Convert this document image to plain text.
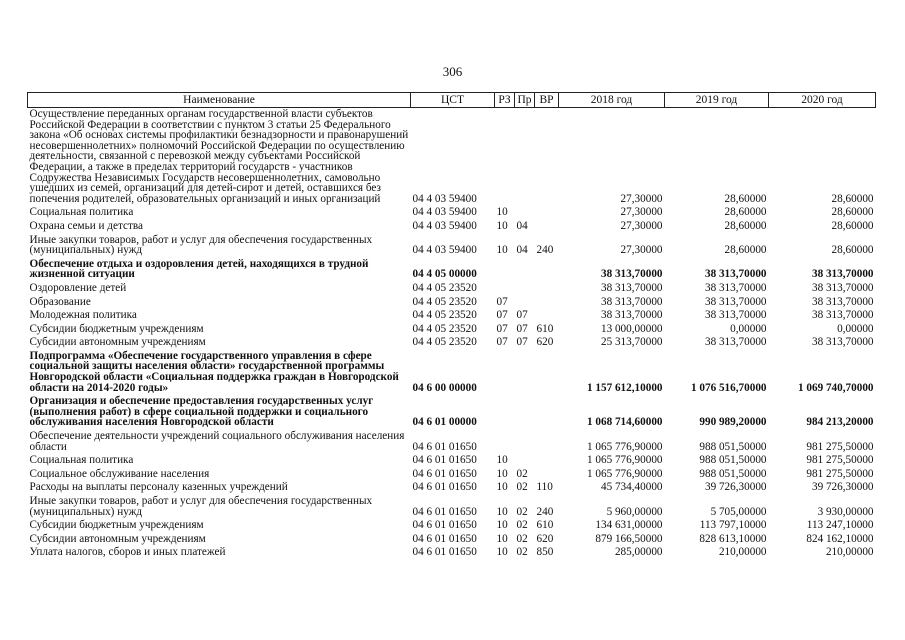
306
Наименование	ЦСТ	РЗ	Пр	ВР	2018 год	2019 год	2020 год
Осуществление переданных органам государственной власти субъектов Российской Федерации в соответствии с пунктом 3 статьи 25 Федерального закона «Об основах системы профилактики безнадзорности и правонарушений несовершеннолетних» полномочий Российской Федерации по осуществлению деятельности, связанной с перевозкой между субъектами Российской Федерации, а также в пределах территорий государств - участников Содружества Независимых Государств несовершеннолетних, самовольно ушедших из семей, организаций для детей-сирот и детей, оставшихся без попечения родителей, образовательных организаций и иных организаций	04 4 03 59400				27,30000	28,60000	28,60000
Социальная политика	04 4 03 59400	10			27,30000	28,60000	28,60000
Охрана семьи и детства	04 4 03 59400	10	04		27,30000	28,60000	28,60000
Иные закупки товаров, работ и услуг для обеспечения государственных (муниципальных) нужд	04 4 03 59400	10	04	240	27,30000	28,60000	28,60000
Обеспечение отдыха и оздоровления детей, находящихся в трудной жизненной ситуации	04 4 05 00000				38 313,70000	38 313,70000	38 313,70000
Оздоровление детей	04 4 05 23520				38 313,70000	38 313,70000	38 313,70000
Образование	04 4 05 23520	07			38 313,70000	38 313,70000	38 313,70000
Молодежная политика	04 4 05 23520	07	07		38 313,70000	38 313,70000	38 313,70000
Субсидии бюджетным учреждениям	04 4 05 23520	07	07	610	13 000,00000	0,00000	0,00000
Субсидии автономным учреждениям	04 4 05 23520	07	07	620	25 313,70000	38 313,70000	38 313,70000
Подпрограмма «Обеспечение государственного управления в сфере социальной защиты населения области» государственной программы Новгородской области «Социальная поддержка граждан в Новгородской области на 2014-2020 годы»	04 6 00 00000				1 157 612,10000	1 076 516,70000	1 069 740,70000
Организация и обеспечение предоставления государственных услуг (выполнения работ) в сфере социальной поддержки и социального обслуживания населения Новгородской области	04 6 01 00000				1 068 714,60000	990 989,20000	984 213,20000
Обеспечение деятельности учреждений социального обслуживания населения области	04 6 01 01650				1 065 776,90000	988 051,50000	981 275,50000
Социальная политика	04 6 01 01650	10			1 065 776,90000	988 051,50000	981 275,50000
Социальное обслуживание населения	04 6 01 01650	10	02		1 065 776,90000	988 051,50000	981 275,50000
Расходы на выплаты персоналу казенных учреждений	04 6 01 01650	10	02	110	45 734,40000	39 726,30000	39 726,30000
Иные закупки товаров, работ и услуг для обеспечения государственных (муниципальных) нужд	04 6 01 01650	10	02	240	5 960,00000	5 705,00000	3 930,00000
Субсидии бюджетным учреждениям	04 6 01 01650	10	02	610	134 631,00000	113 797,10000	113 247,10000
Субсидии автономным учреждениям	04 6 01 01650	10	02	620	879 166,50000	828 613,10000	824 162,10000
Уплата налогов, сборов и иных платежей	04 6 01 01650	10	02	850	285,00000	210,00000	210,00000
